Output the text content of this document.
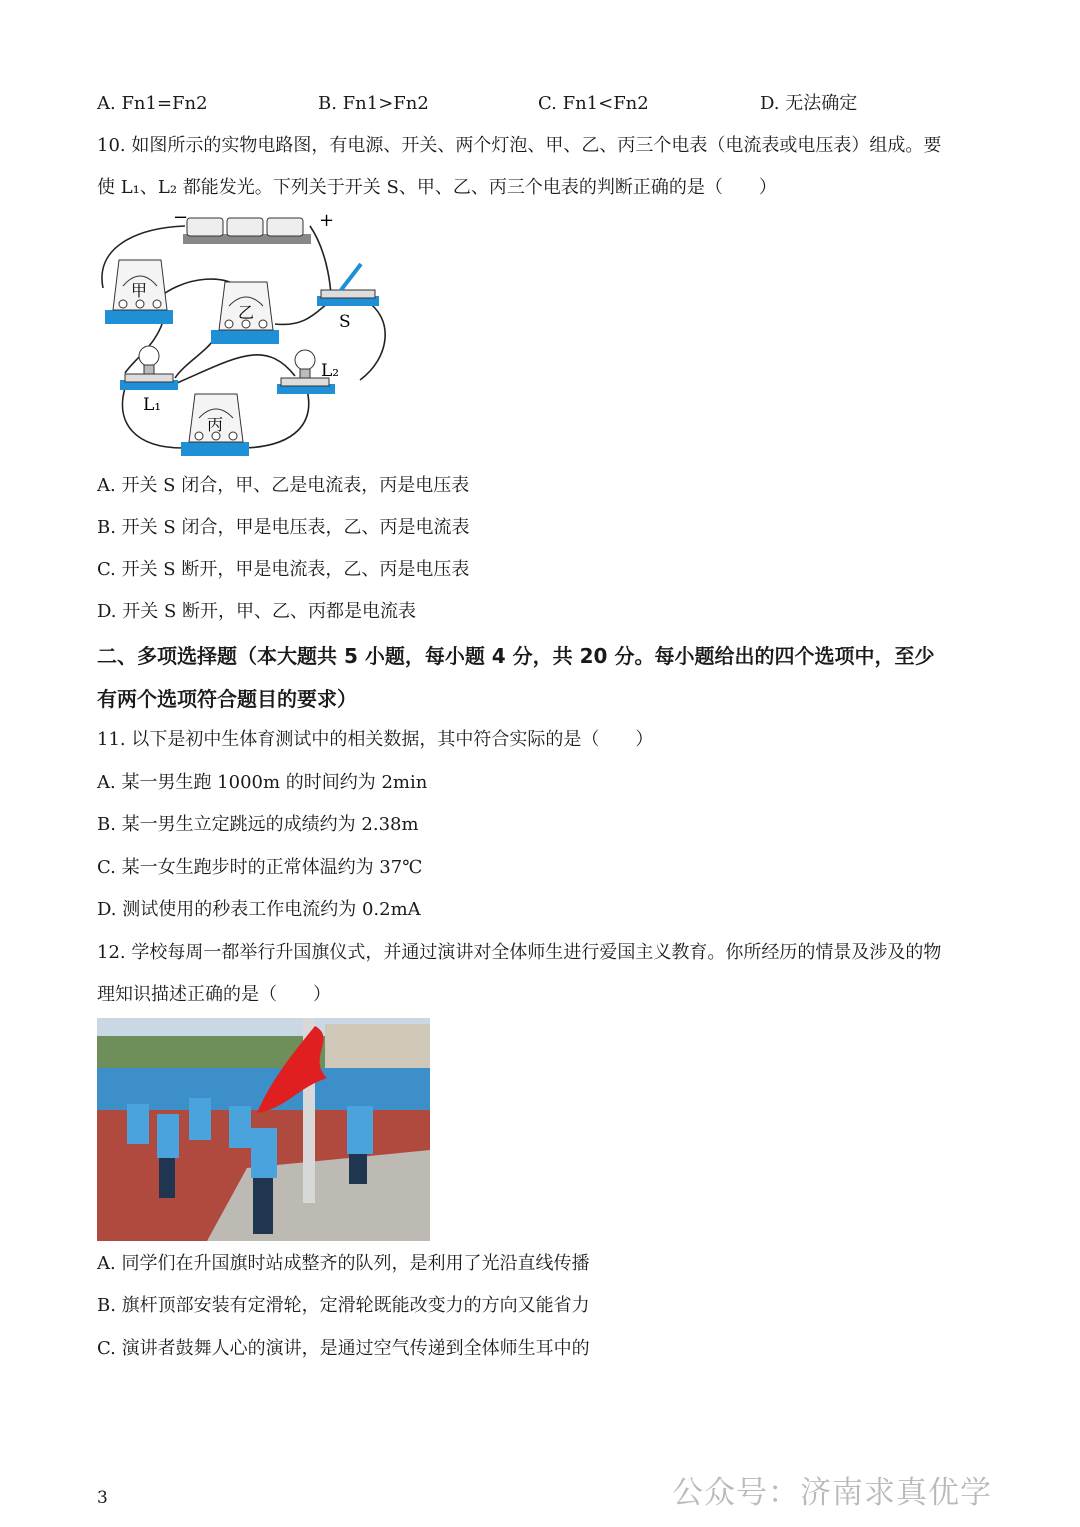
A. Fn1=Fn2	B. Fn1>Fn2	C. Fn1<Fn2	D. 无法确定
10. 如图所示的实物电路图，有电源、开关、两个灯泡、甲、乙、丙三个电表（电流表或电压表）组成。要
使 L₁、L₂ 都能发光。下列关于开关 S、甲、乙、丙三个电表的判断正确的是（　　）
−	+
甲
乙	S
L₁
L₂
丙
A. 开关 S 闭合，甲、乙是电流表，丙是电压表
B. 开关 S 闭合，甲是电压表，乙、丙是电流表
C. 开关 S 断开，甲是电流表，乙、丙是电压表
D. 开关 S 断开，甲、乙、丙都是电流表
二、多项选择题（本大题共 5 小题，每小题 4 分，共 20 分。每小题给出的四个选项中，至少
有两个选项符合题目的要求）
11. 以下是初中生体育测试中的相关数据，其中符合实际的是（　　）
A. 某一男生跑 1000m 的时间约为 2min
B. 某一男生立定跳远的成绩约为 2.38m
C. 某一女生跑步时的正常体温约为 37℃
D. 测试使用的秒表工作电流约为 0.2mA
12. 学校每周一都举行升国旗仪式，并通过演讲对全体师生进行爱国主义教育。你所经历的情景及涉及的物
理知识描述正确的是（　　）
A. 同学们在升国旗时站成整齐的队列，是利用了光沿直线传播
B. 旗杆顶部安装有定滑轮，定滑轮既能改变力的方向又能省力
C. 演讲者鼓舞人心的演讲，是通过空气传递到全体师生耳中的
3	公众号：济南求真优学
